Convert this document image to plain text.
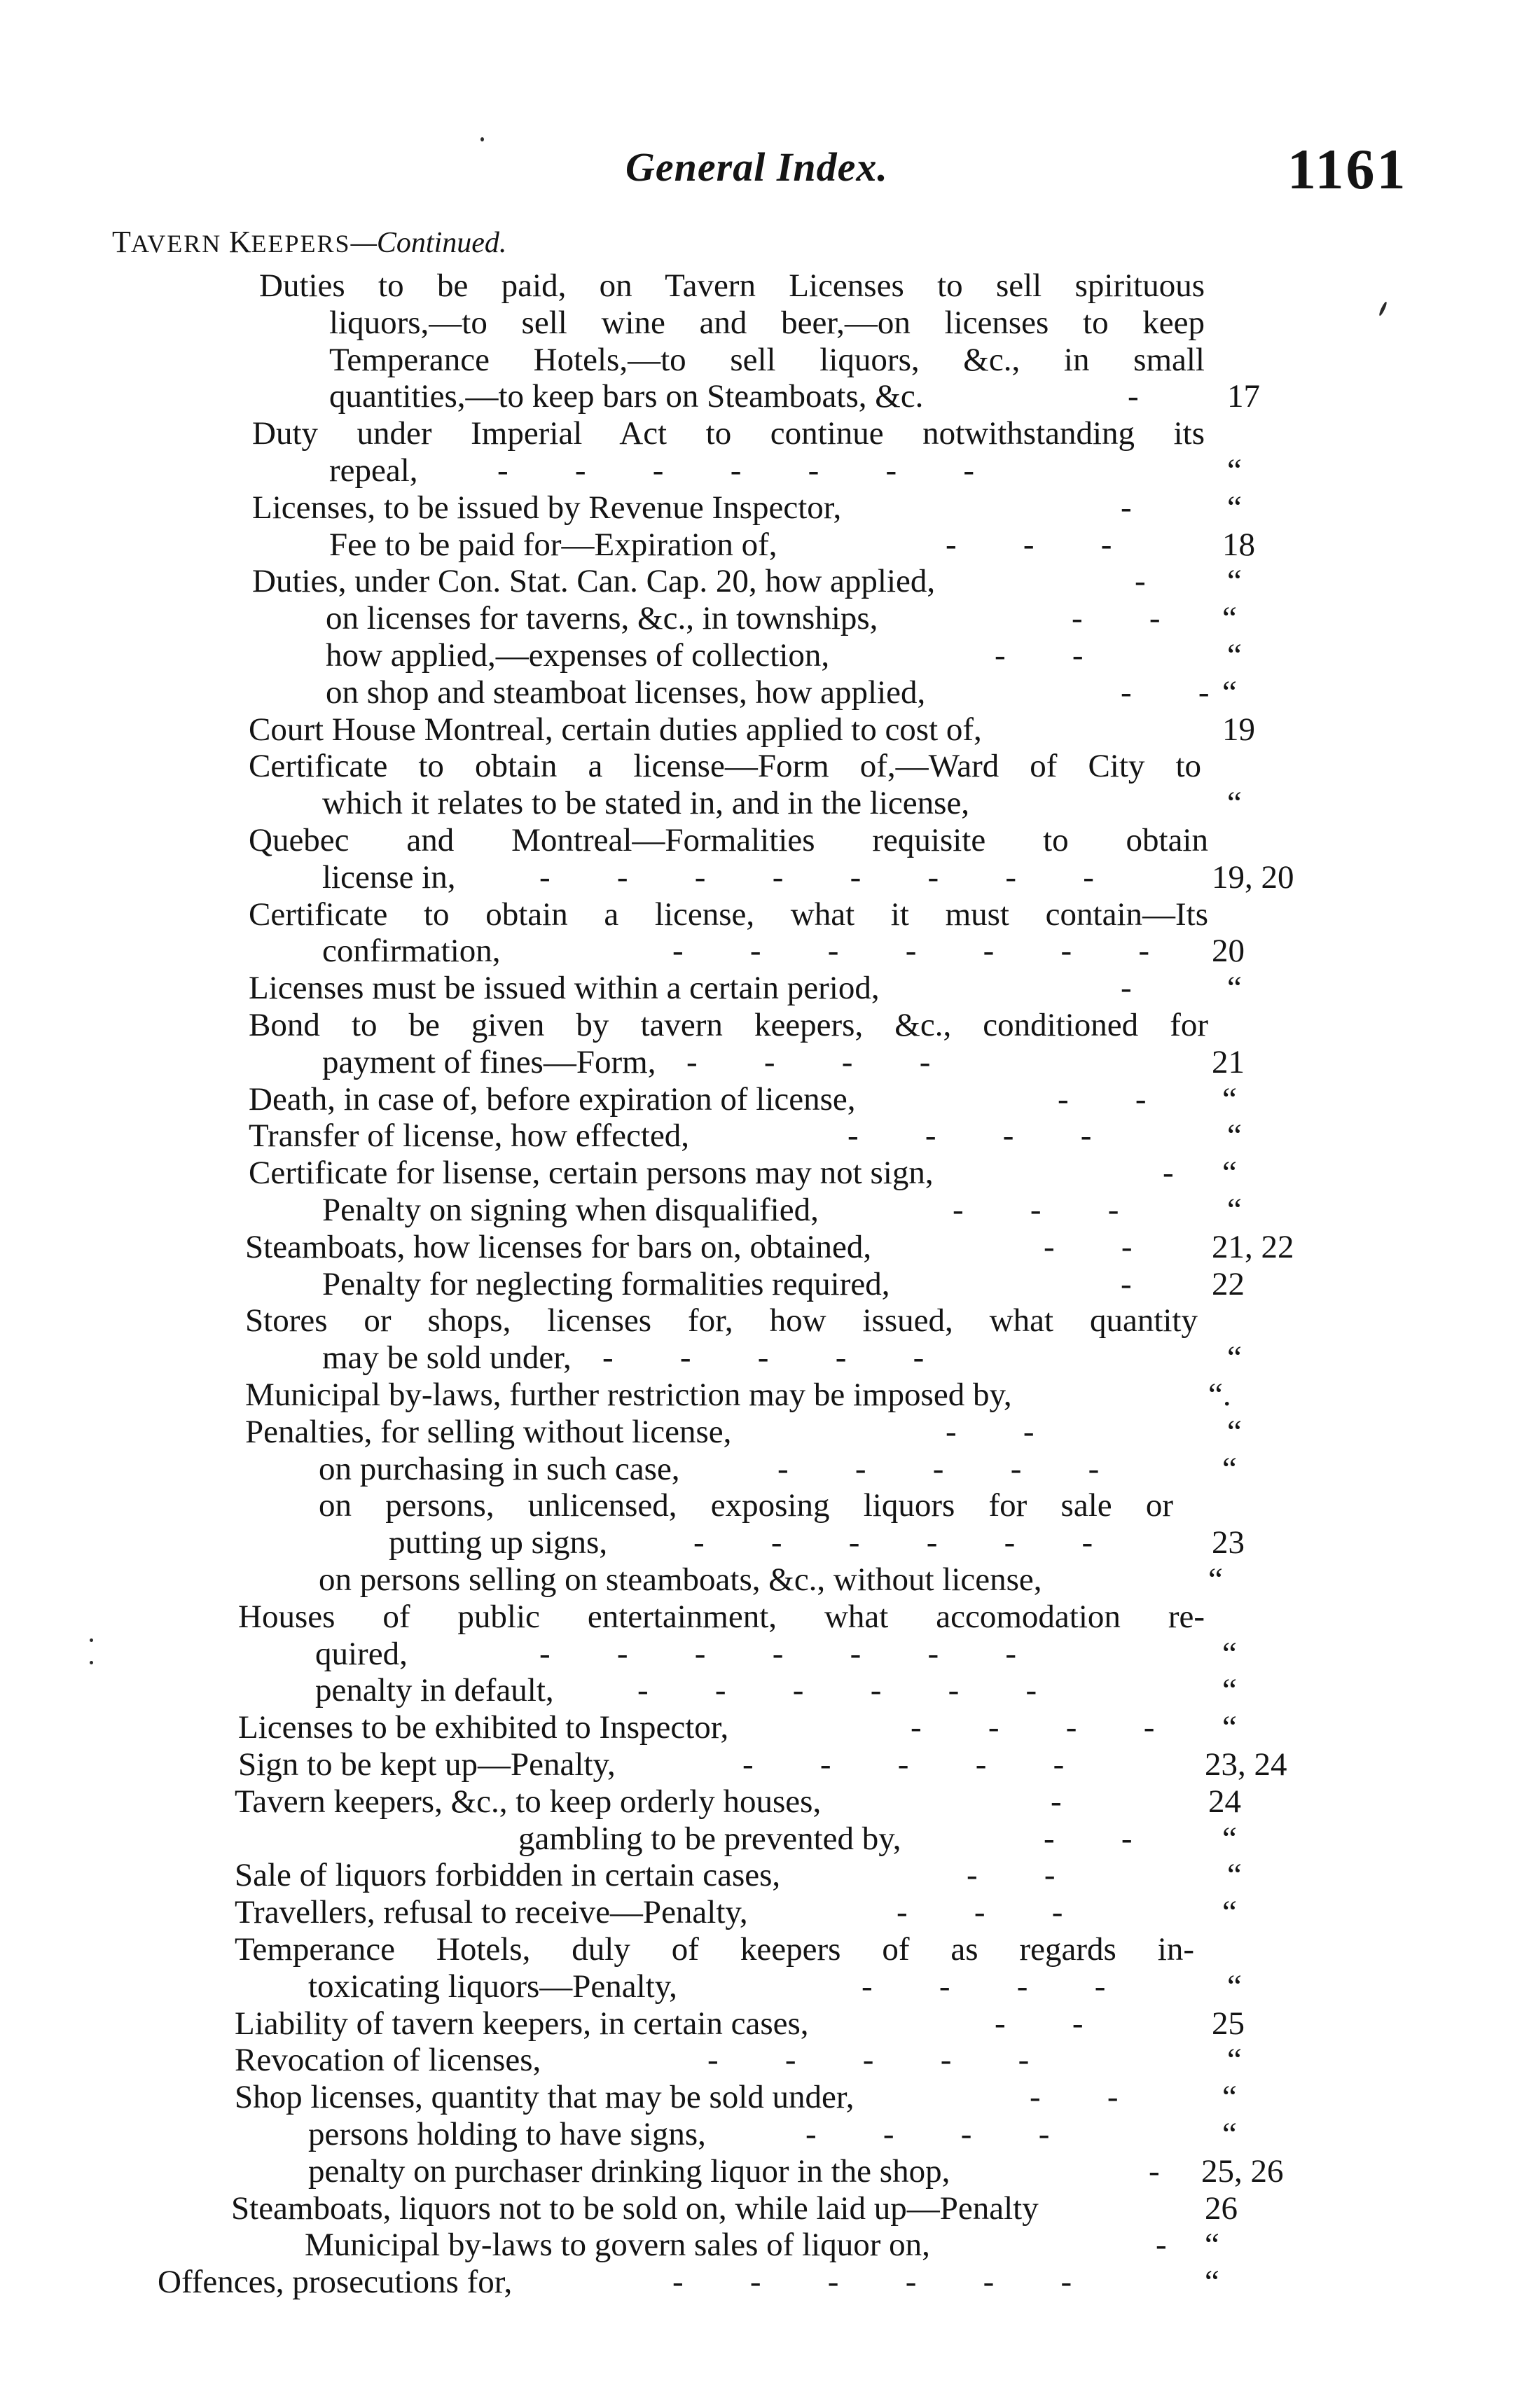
General Index.	1161
TAVERN KEEPERS—Continued.
Duties to be paid, on Tavern Licenses to sell spirituous
liquors,—to sell wine and beer,—on licenses to keep
Temperance Hotels,—to sell liquors, &c., in small
quantities,—to keep bars on Steamboats, &c.	-	17
Duty under Imperial Act to continue notwithstanding its
repeal,	-   -   -   -   -   -   -	“
Licenses, to be issued by Revenue Inspector,	-	“
Fee to be paid for—Expiration of,	-   -   -	18
Duties, under Con. Stat. Can. Cap. 20, how applied,	- “
on licenses for taverns, &c., in townships,	-   - “
how applied,—expenses of collection,	-   -	“
on shop and steamboat licenses, how applied,	-   - “
Court House Montreal, certain duties applied to cost of,	19
Certificate to obtain a license—Form of,—Ward of City to
which it relates to be stated in, and in the license,	“
Quebec and Montreal—Formalities requisite to obtain
license in,	-   -   -   -   -   -   -   -	19, 20
Certificate to obtain a license, what it must contain—Its
confirmation,	-   -   -   -   -   -   - 20
Licenses must be issued within a certain period,	-	“
Bond to be given by tavern keepers, &c., conditioned for
payment of fines—Form, -   -   -   -	21
Death, in case of, before expiration of license,	-   - “
Transfer of license, how effected,	-   -   -   -	“
Certificate for lisense, certain persons may not sign,	- “
Penalty on signing when disqualified,	-   -   -	“
Steamboats, how licenses for bars on, obtained,	-   - 21, 22
Penalty for neglecting formalities required,	- 22
Stores or shops, licenses for, how issued, what quantity
may be sold under, -   -   -   -   -	“
Municipal by-laws, further restriction may be imposed by,	“.
Penalties, for selling without license,	-   -	“
on purchasing in such case,	-   -   -   -   -	“
on persons, unlicensed, exposing liquors for sale or
putting up signs,	-   -   -   -   -   -	23
on persons selling on steamboats, &c., without license,	“
Houses of public entertainment, what accomodation re-
quired,	-   -   -   -   -   -   -	“
penalty in default,	-   -   -   -   -   -	“
Licenses to be exhibited to Inspector,	-   -   -   - “
Sign to be kept up—Penalty,	-   -   -   -   -	23, 24
Tavern keepers, &c., to keep orderly houses,	-	24
gambling to be prevented by,	-   -	“
Sale of liquors forbidden in certain cases,	-   -	“
Travellers, refusal to receive—Penalty,	-   -   -	“
Temperance Hotels, duly of keepers of as regards in-
toxicating liquors—Penalty,	-   -   -   -	“
Liability of tavern keepers, in certain cases,	-   -	25
Revocation of licenses,	-   -   -   -   -	“
Shop licenses, quantity that may be sold under,	-   -	“
persons holding to have signs,	-   -   -   -	“
penalty on purchaser drinking liquor in the shop,	- 25, 26
Steamboats, liquors not to be sold on, while laid up—Penalty	26
Municipal by-laws to govern sales of liquor on,	- “
Offences, prosecutions for,	-   -   -   -   -   -	“
